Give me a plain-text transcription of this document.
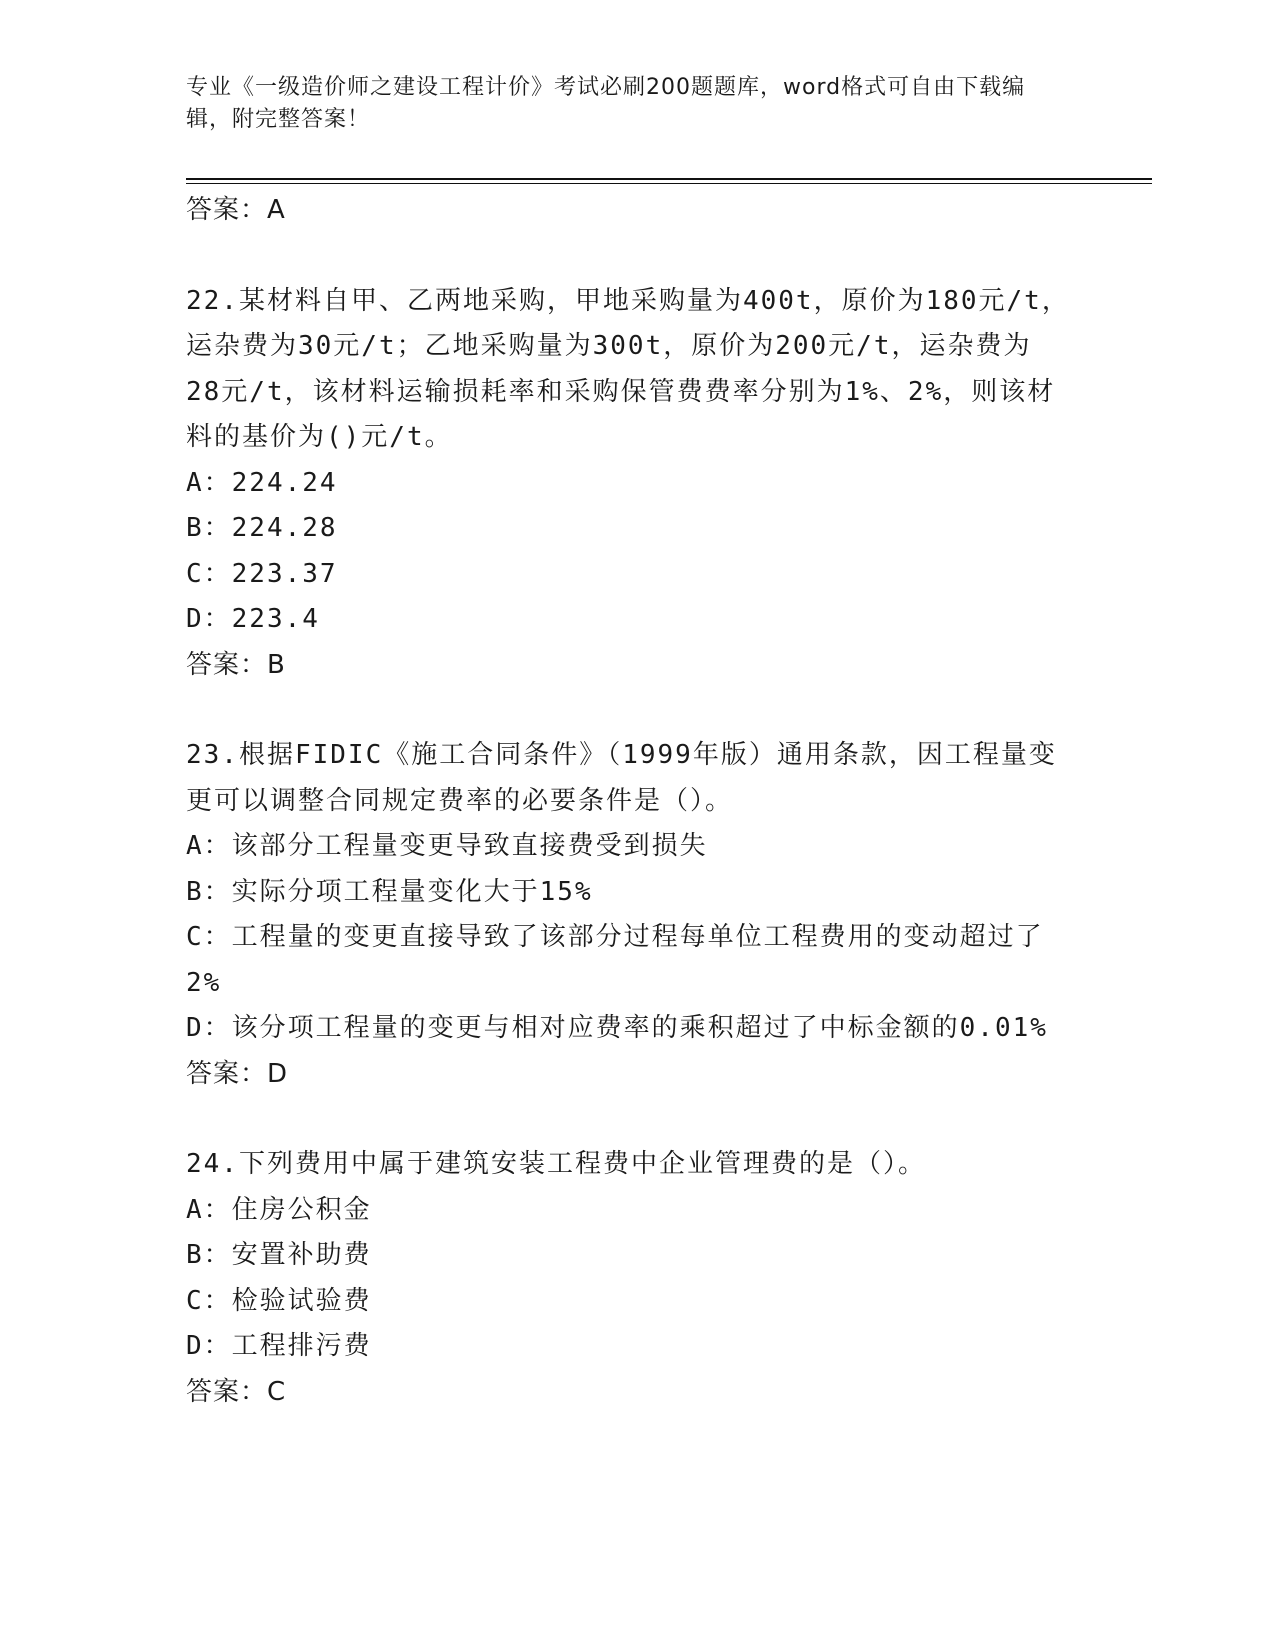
专业《一级造价师之建设工程计价》考试必刷200题题库，word格式可自由下载编辑，附完整答案！
答案：A
22.某材料自甲、乙两地采购，甲地采购量为400t，原价为180元/t，
运杂费为30元/t；乙地采购量为300t，原价为200元/t，运杂费为
28元/t，该材料运输损耗率和采购保管费费率分别为1%、2%，则该材
料的基价为()元/t。
A：224.24
B：224.28
C：223.37
D：223.4
答案：B
23.根据FIDIC《施工合同条件》（1999年版）通用条款，因工程量变
更可以调整合同规定费率的必要条件是（）。
A：该部分工程量变更导致直接费受到损失
B：实际分项工程量变化大于15%
C：工程量的变更直接导致了该部分过程每单位工程费用的变动超过了
2%
D：该分项工程量的变更与相对应费率的乘积超过了中标金额的0.01%
答案：D
24.下列费用中属于建筑安装工程费中企业管理费的是（）。
A：住房公积金
B：安置补助费
C：检验试验费
D：工程排污费
答案：C
